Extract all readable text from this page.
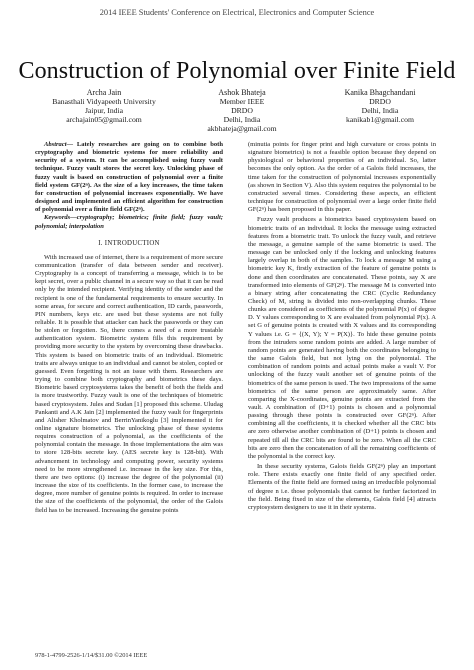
2014 IEEE Students' Conference on Electrical, Electronics and Computer Science
Construction of Polynomial over Finite Field
Archa Jain
Banasthali Vidyapeeth University
Jaipur, India
archajain05@gmail.com
Ashok Bhateja
Member IEEE
DRDO
Delhi, India
akbhateja@gmail.com
Kanika Bhagchandani
DRDO
Delhi, India
kanikab1@gmail.com

Abstract— Lately researches are going on to combine both cryptography and biometric systems for more reliability and security of a system. It can be accomplished using fuzzy vault technique. Fuzzy vault stores the secret key. Unlocking phase of fuzzy vault is based on construction of polynomial over a finite field system GF(2ⁿ). As the size of a key increases, the time taken for construction of polynomial increases exponentially. We have designed and implemented an efficient algorithm for construction of polynomial over a finite field GF(2ⁿ).

Keywords—cryptography; biometrics; finite field; fuzzy vault; polynomial; interpolation

I. INTRODUCTION

With increased use of internet, there is a requirement of more secure communication (transfer of data between sender and receiver). Cryptography is a concept of transferring a message, which is to be kept secret, over a public channel in a secure way so that it can be read only by the intended recipient. Verifying identity of the sender and the recipient is one of the fundamental requirements to ensure security. In some areas, for secure and correct authentication, ID cards, passwords, PIN numbers, keys etc. are used but these systems are not fully reliable. It is possible that attacker can hack the passwords or they can be stolen or forgotten. So, there comes a need of a more trustable authentication system. Biometric system fills this requirement by providing more security to the system by overcoming these drawbacks. This system is based on biometric traits of an individual. Biometric traits are always unique to an individual and cannot be stolen, copied or guessed. Even forgetting is not an issue with them. Researchers are trying to combine both cryptography and biometrics these days. Biometric based cryptosystems takes the benefit of both the fields and is more trustworthy. Fuzzy vault is one of the techniques of biometric based cryptosystem. Jules and Sudan [1] proposed this scheme. Uludag Pankanti and A.K Jain [2] implemented the fuzzy vault for fingerprints and Alisher Kholmatov and BerrinYanikoglu [3] implemented it for online signature biometrics. The unlocking phase of these systems requires construction of a polynomial, as the coefficients of the polynomial contain the message. In those implementations the aim was to store 128-bits secrete key. (AES secrete key is 128-bit). With advancement in technology and computing power, security systems need to be more strengthened i.e. increase in the key size. For this, there are two options: (i) increase the degree of the polynomial (ii) increase the size of its coefficients. In the former case, to increase the degree, more number of genuine points is required. In order to increase the size of the coefficients of the polynomial, the order of the Galois field has to be increased. Increasing the genuine points

(minutia points for finger print and high curvature or cross points in signature biometrics) is not a feasible option because they depend on physiological or behavioral properties of an individual. So, latter becomes the only option. As the order of a Galois field increases, the time taken for the construction of polynomial increases exponentially (as shown in Section V). Also this system requires the polynomial to be constructed several times. Considering these aspects, an efficient technique for construction of polynomial over a large order finite field GF(2ⁿ) has been proposed in this paper.

Fuzzy vault produces a biometrics based cryptosystem based on biometric traits of an individual. It locks the message using extracted features from a biometric trait. To unlock the fuzzy vault, and retrieve the message, a genuine sample of the same biometric is used. The message can be unlocked only if the locking and unlocking features largely overlap in both of the samples. To lock a message M using a biometric key K, firstly extraction of the feature of genuine points is done and then coordinates are concatenated. These points, say X are transformed into elements of GF(2ⁿ). The message M is converted into a binary string after concatenating the CRC (Cyclic Redundancy Check) of M, string is divided into non-overlapping chunks. These chunks are considered as coefficients of the polynomial P(x) of degree D. Y values corresponding to X are evaluated from polynomial P(x). A set G of genuine points is created with X values and its corresponding Y values i.e. G = {(X, Y); Y = P(X)}. To hide these genuine points from the intruders some random points are added. A large number of random points are generated having both the coordinates belonging to the same Galois field, but not lying on the polynomial. The combination of random points and actual points make a vault V. For unlocking of the fuzzy vault another set of genuine points of the biometrics of the same person is used. The two impressions of the same biometrics of the same person are approximately same. After comparing the X-coordinates, genuine points are extracted from the vault. A combination of (D+1) points is chosen and a polynomial passing through these points is constructed over GF(2ⁿ). After combining all the coefficients, it is checked whether all the CRC bits are zero otherwise another combination of (D+1) points is chosen and repeated till all the CRC bits are found to be zero. When all the CRC bits are zero then the concatenation of all the remaining coefficients of the polynomial is the correct key.

In these security systems, Galois fields GF(2ⁿ) play an important role. There exists exactly one finite field of any specified order. Elements of the finite field are formed using an irreducible polynomial of degree n i.e. those polynomials that cannot be further factorized in the field. Being fixed in size of the elements, Galois field [4] attracts cryptosystem designers to use it in their systems.

978-1-4799-2526-1/14/$31.00 ©2014 IEEE
